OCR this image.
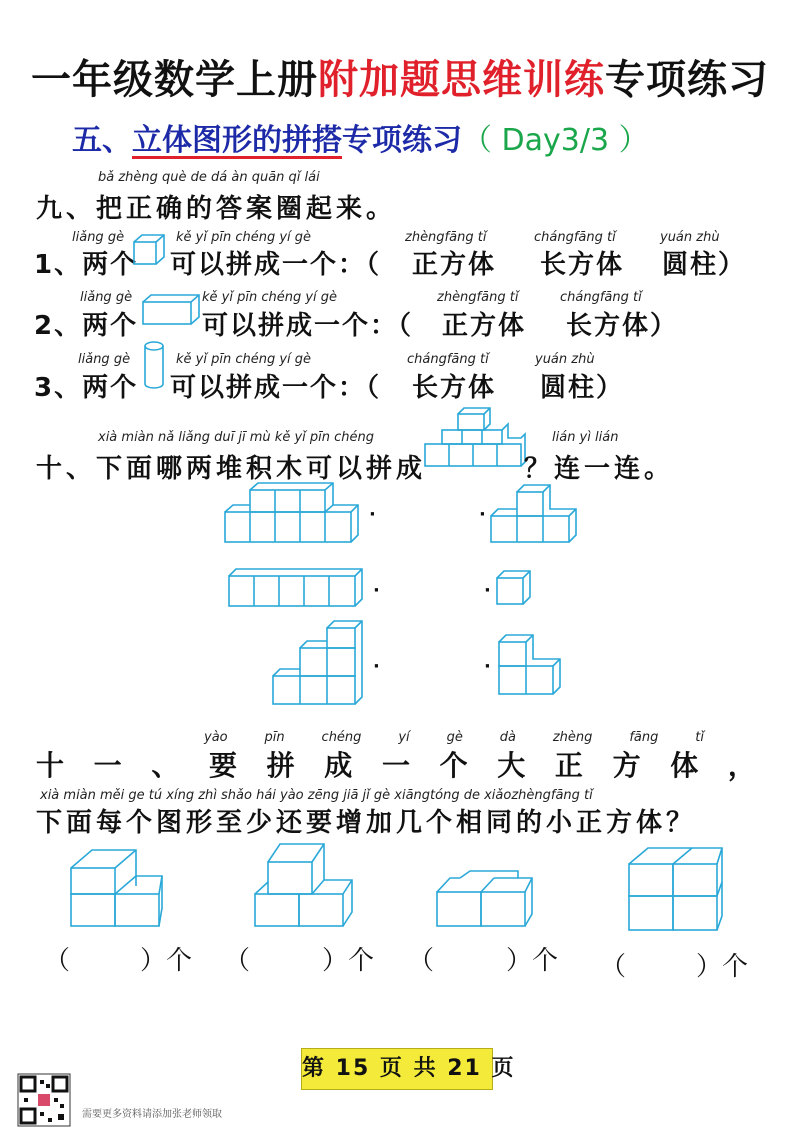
一年级数学上册附加题思维训练专项练习
五、立体图形的拼搭专项练习（ Day3/3 ）
bǎ zhèng què de dá àn quān qǐ lái
九、把正确的答案圈起来。
liǎng gè	kě yǐ pīn chéng yí gè	zhèngfāng tǐ	chángfāng tǐ	yuán zhù
1、两个 可以拼成一个：（ 正方体 长方体 圆柱）
liǎng gè	kě yǐ pīn chéng yí gè	zhèngfāng tǐ	chángfāng tǐ
2、两个 可以拼成一个：（ 正方体 长方体）
liǎng gè	kě yǐ pīn chéng yí gè	chángfāng tǐ	yuán zhù
3、两个 可以拼成一个：（ 长方体 圆柱）
xià miàn nǎ liǎng duī jī mù kě yǐ pīn chéng	lián yì lián
十、下面哪两堆积木可以拼成	？连一连。
·
·
·
·
·
·
yào	pīn	chéng	yí	gè	dà	zhèng	fāng	tǐ
十 一 、 要 拼 成 一 个 大 正 方 体 ，
xià miàn měi ge tú xíng zhì shǎo hái yào zēng jiā jǐ gè xiāngtóng de xiǎozhèngfāng tǐ
下面每个图形至少还要增加几个相同的小正方体？
（	）个 （	）个 （	）个 （	）个
第 15 页 共 21 页
需要更多资料请添加张老师领取
